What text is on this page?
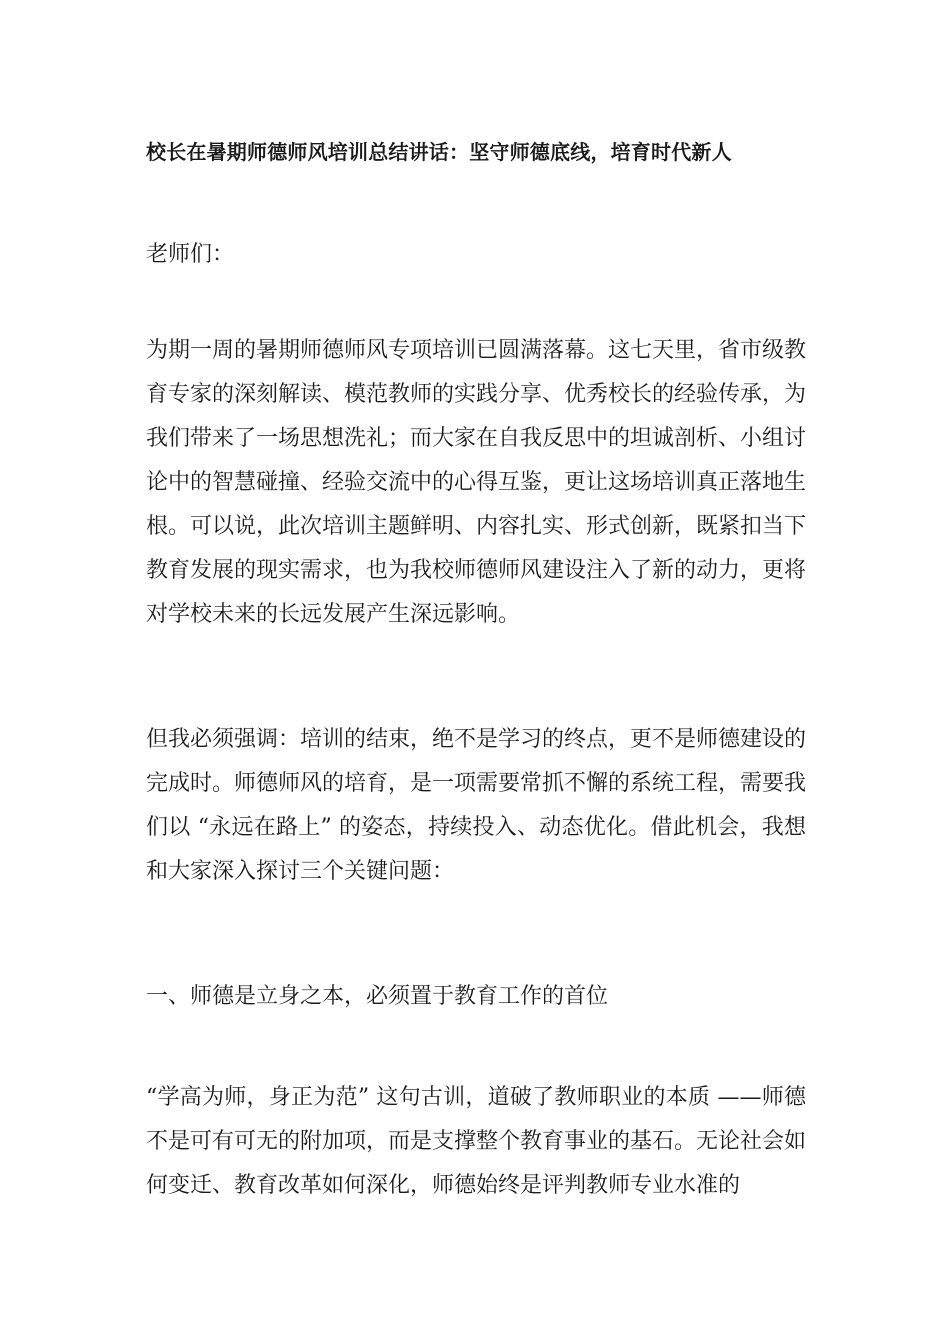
校长在暑期师德师风培训总结讲话：坚守师德底线，培育时代新人
老师们：

为期一周的暑期师德师风专项培训已圆满落幕。这七天里，省市级教育专家的深刻解读、模范教师的实践分享、优秀校长的经验传承，为我们带来了一场思想洗礼；而大家在自我反思中的坦诚剖析、小组讨论中的智慧碰撞、经验交流中的心得互鉴，更让这场培训真正落地生根。可以说，此次培训主题鲜明、内容扎实、形式创新，既紧扣当下教育发展的现实需求，也为我校师德师风建设注入了新的动力，更将对学校未来的长远发展产生深远影响。

但我必须强调：培训的结束，绝不是学习的终点，更不是师德建设的完成时。师德师风的培育，是一项需要常抓不懈的系统工程，需要我们以 “永远在路上” 的姿态，持续投入、动态优化。借此机会，我想和大家深入探讨三个关键问题：

一、师德是立身之本，必须置于教育工作的首位

“学高为师，身正为范” 这句古训，道破了教师职业的本质 ——师德不是可有可无的附加项，而是支撑整个教育事业的基石。无论社会如何变迁、教育改革如何深化，师德始终是评判教师专业水准的
